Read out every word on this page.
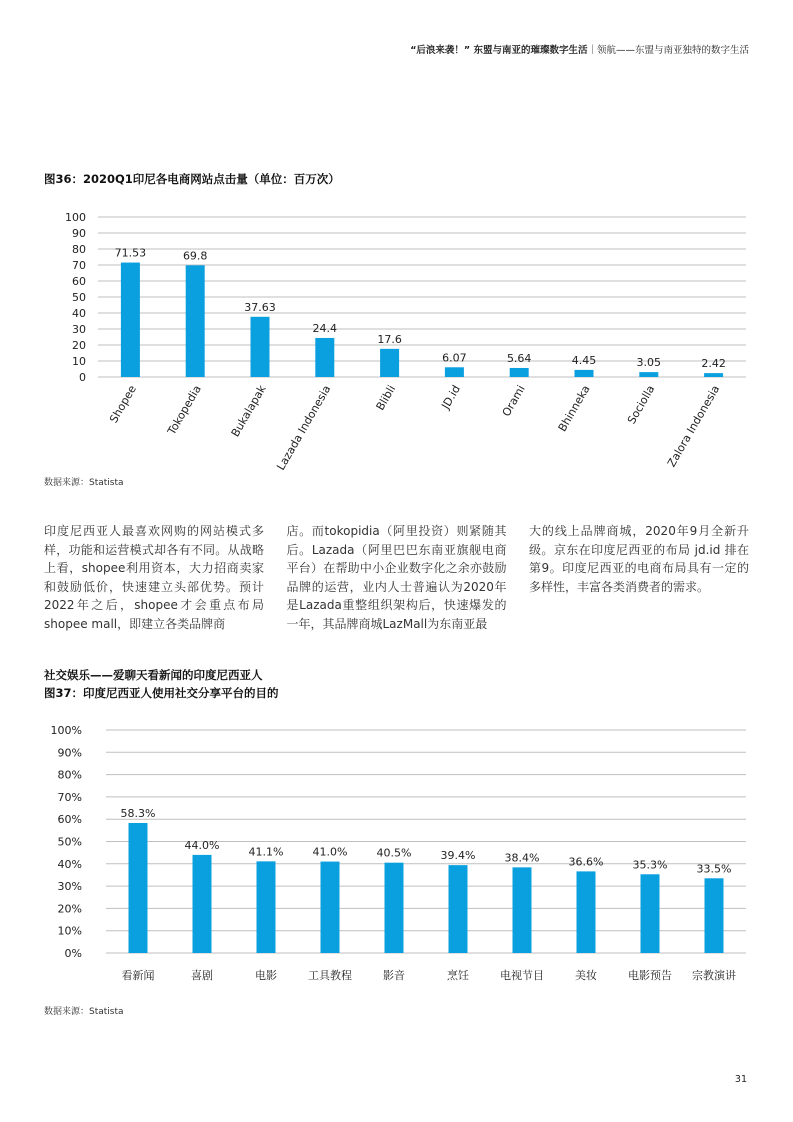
“后浪来袭！” 东盟与南亚的璀璨数字生活｜领航——东盟与南亚独特的数字生活
图36：2020Q1印尼各电商网站点击量（单位：百万次）
0
10
20
30
40
50
60
70
80
90
100
71.53
Shopee
69.8
Tokopedia
37.63
Bukalapak
24.4
Lazada Indonesia
17.6
Blibli
6.07
JD.id
5.64
Orami
4.45
Bhinneka
3.05
Sociolla
2.42
Zalora Indonesia
数据来源：Statista
印度尼西亚人最喜欢网购的网站模式多样，功能和运营模式却各有不同。从战略上看，shopee利用资本，大力招商卖家和鼓励低价，快速建立头部优势。预计2022年之后，shopee才会重点布局shopee mall，即建立各类品牌商
店。而tokopidia（阿里投资）则紧随其后。Lazada（阿里巴巴东南亚旗舰电商平台）在帮助中小企业数字化之余亦鼓励品牌的运营，业内人士普遍认为2020年是Lazada重整组织架构后，快速爆发的一年，其品牌商城LazMall为东南亚最
大的线上品牌商城，2020年9月全新升级。京东在印度尼西亚的布局 jd.id 排在第9。印度尼西亚的电商布局具有一定的多样性，丰富各类消费者的需求。
社交娱乐——爱聊天看新闻的印度尼西亚人
图37：印度尼西亚人使用社交分享平台的目的
0%
10%
20%
30%
40%
50%
60%
70%
80%
90%
100%
58.3%
看新闻
44.0%
喜剧
41.1%
电影
41.0%
工具教程
40.5%
影音
39.4%
烹饪
38.4%
电视节目
36.6%
美妆
35.3%
电影预告
33.5%
宗教演讲
数据来源：Statista
31
